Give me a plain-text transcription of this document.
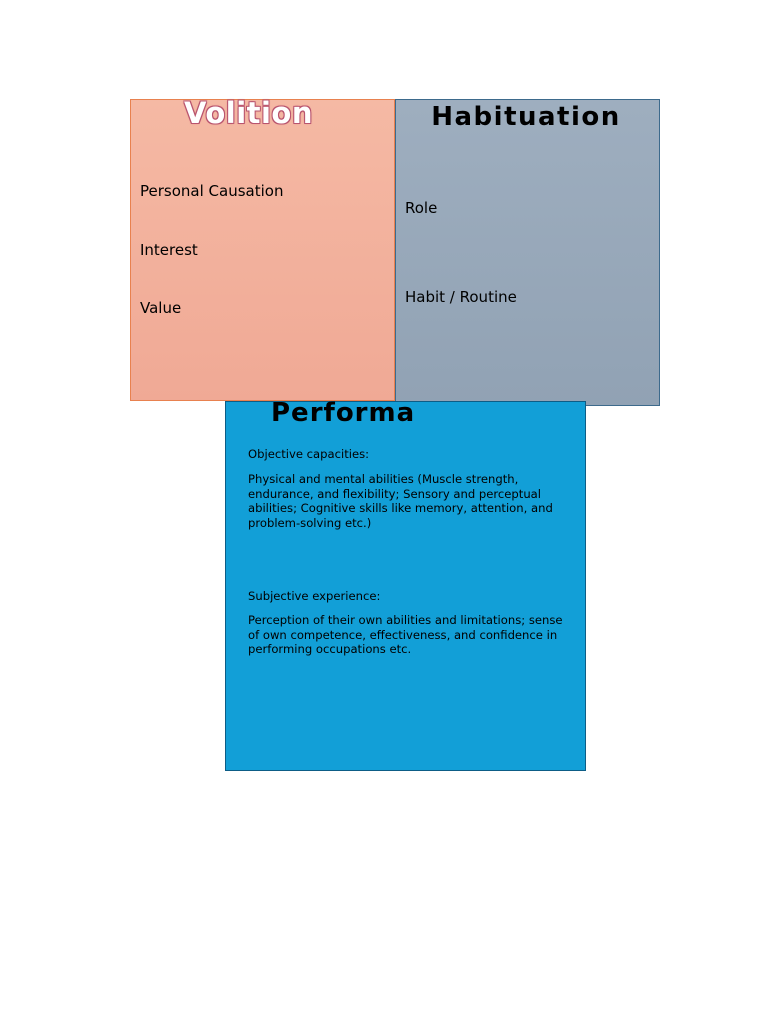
Volition
Personal Causation
Interest
Value
Habituation
Role
Habit / Routine
Performa
Objective capacities:
Physical and mental abilities (Muscle strength, endurance, and flexibility; Sensory and perceptual abilities; Cognitive skills like memory, attention, and problem-solving etc.)
Subjective experience:
Perception of their own abilities and limitations; sense of own competence, effectiveness, and confidence in performing occupations etc.
